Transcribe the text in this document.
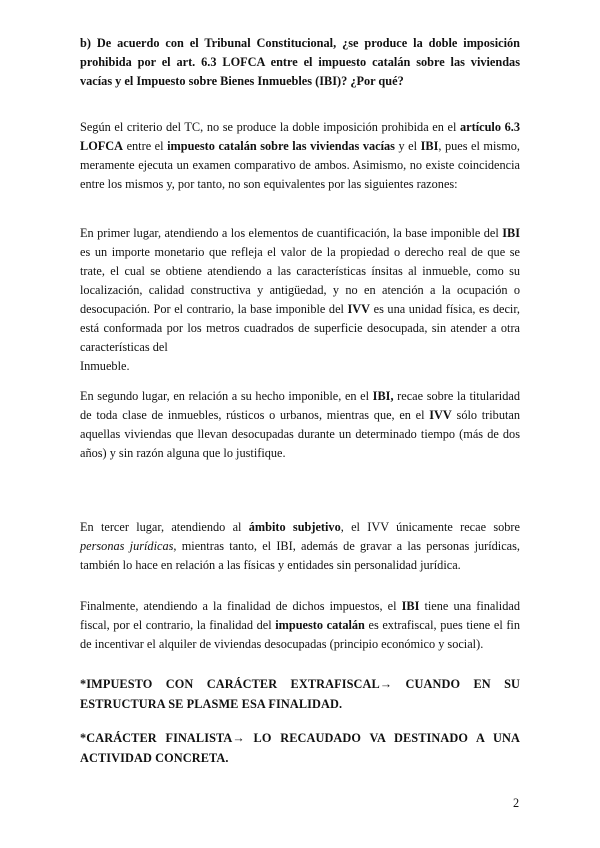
b) De acuerdo con el Tribunal Constitucional, ¿se produce la doble imposición prohibida por el art. 6.3 LOFCA entre el impuesto catalán sobre las viviendas vacías y el Impuesto sobre Bienes Inmuebles (IBI)? ¿Por qué?

Según el criterio del TC, no se produce la doble imposición prohibida en el artículo 6.3 LOFCA entre el impuesto catalán sobre las viviendas vacías y el IBI, pues el mismo, meramente ejecuta un examen comparativo de ambos. Asimismo, no existe coincidencia entre los mismos y, por tanto, no son equivalentes por las siguientes razones:

En primer lugar, atendiendo a los elementos de cuantificación, la base imponible del IBI es un importe monetario que refleja el valor de la propiedad o derecho real de que se trate, el cual se obtiene atendiendo a las características ínsitas al inmueble, como su localización, calidad constructiva y antigüedad, y no en atención a la ocupación o desocupación. Por el contrario, la base imponible del IVV es una unidad física, es decir, está conformada por los metros cuadrados de superficie desocupada, sin atender a otra características del
Inmueble.

En segundo lugar, en relación a su hecho imponible, en el IBI, recae sobre la titularidad de toda clase de inmuebles, rústicos o urbanos, mientras que, en el IVV sólo tributan aquellas viviendas que llevan desocupadas durante un determinado tiempo (más de dos años) y sin razón alguna que lo justifique.

En tercer lugar, atendiendo al ámbito subjetivo, el IVV únicamente recae sobre personas jurídicas, mientras tanto, el IBI, además de gravar a las personas jurídicas, también lo hace en relación a las físicas y entidades sin personalidad jurídica.

Finalmente, atendiendo a la finalidad de dichos impuestos, el IBI tiene una finalidad fiscal, por el contrario, la finalidad del impuesto catalán es extrafiscal, pues tiene el fin de incentivar el alquiler de viviendas desocupadas (principio económico y social).

*IMPUESTO CON CARÁCTER EXTRAFISCAL→ CUANDO EN SU ESTRUCTURA SE PLASME ESA FINALIDAD.

*CARÁCTER FINALISTA→ LO RECAUDADO VA DESTINADO A UNA ACTIVIDAD CONCRETA.

2
